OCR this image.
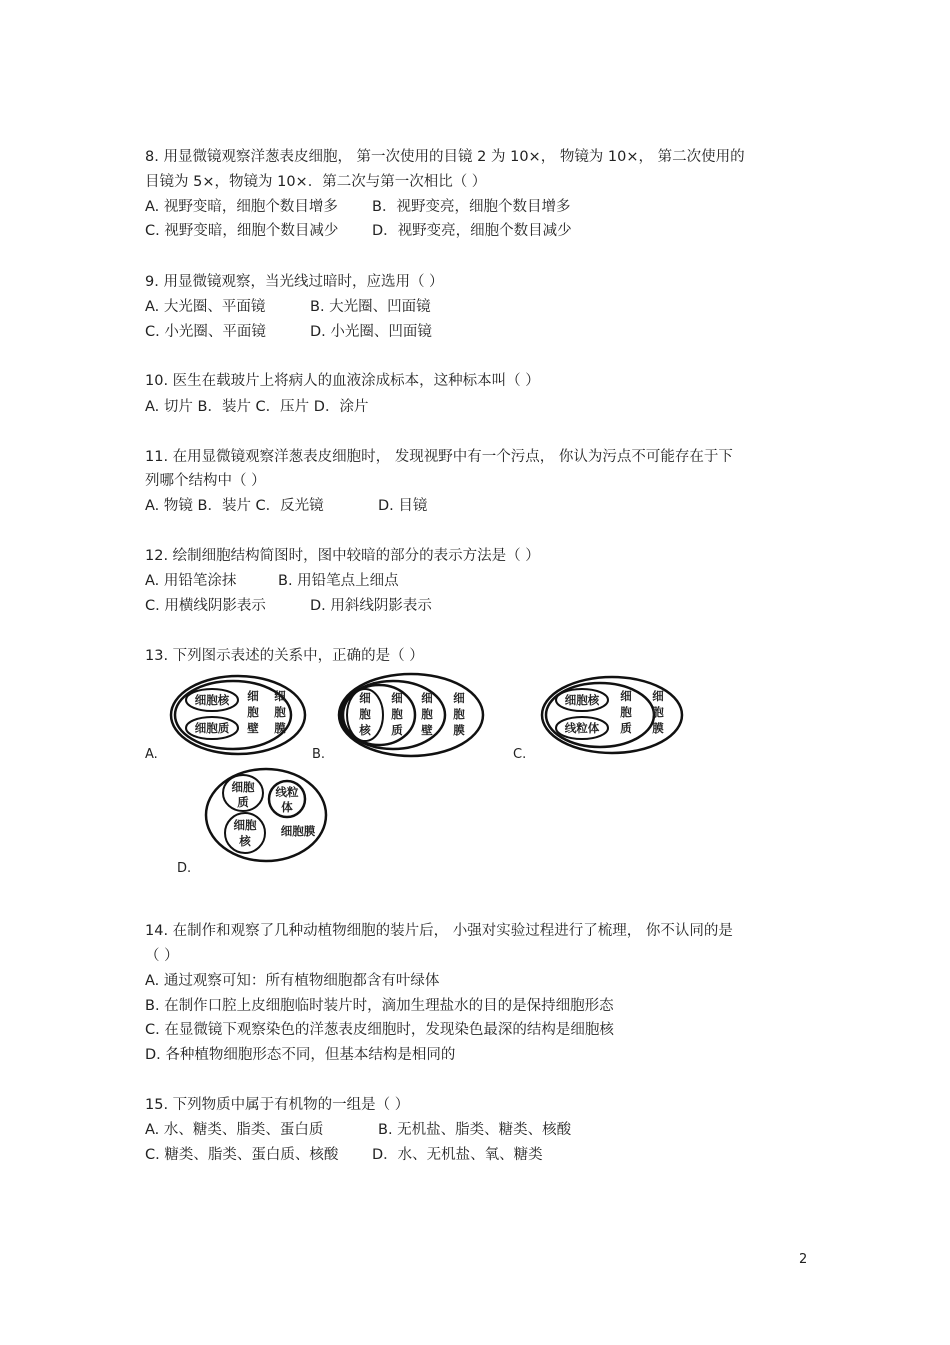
8. 用显微镜观察洋葱表皮细胞， 第一次使用的目镜 2 为 10×， 物镜为 10×， 第二次使用的
目镜为 5×，物镜为 10×．第二次与第一次相比（ ）
A. 视野变暗，细胞个数目增多 B．视野变亮，细胞个数目增多
C. 视野变暗，细胞个数目减少 D．视野变亮，细胞个数目减少
9. 用显微镜观察，当光线过暗时，应选用（ ）
A. 大光圈、平面镜	B. 大光圈、凹面镜
C. 小光圈、平面镜	D. 小光圈、凹面镜
10. 医生在载玻片上将病人的血液涂成标本，这种标本叫（ ）
A. 切片 B．装片 C．压片 D．涂片
11. 在用显微镜观察洋葱表皮细胞时， 发现视野中有一个污点， 你认为污点不可能存在于下
列哪个结构中（ ）
A. 物镜 B．装片 C．反光镜	D. 目镜
12. 绘制细胞结构简图时，图中较暗的部分的表示方法是（ ）
A. 用铅笔涂抹	B. 用铅笔点上细点
C. 用横线阴影表示	D. 用斜线阴影表示
13. 下列图示表述的关系中，正确的是（ ）
细胞核
细胞质
细
胞
壁
细
胞
膜
A.
细
胞
核
细
胞
质
细
胞
壁
细
胞
膜
B.
细胞核
线粒体
细
胞
质
细
胞
膜
C.
细胞
质
线粒
体
细胞
核
细胞膜
D.
14. 在制作和观察了几种动植物细胞的装片后， 小强对实验过程进行了梳理， 你不认同的是
（ ）
A. 通过观察可知：所有植物细胞都含有叶绿体
B. 在制作口腔上皮细胞临时装片时，滴加生理盐水的目的是保持细胞形态
C. 在显微镜下观察染色的洋葱表皮细胞时，发现染色最深的结构是细胞核
D. 各种植物细胞形态不同，但基本结构是相同的
15. 下列物质中属于有机物的一组是（ ）
A. 水、糖类、脂类、蛋白质	B. 无机盐、脂类、糖类、核酸
C. 糖类、脂类、蛋白质、核酸 D．水、无机盐、氧、糖类
2
